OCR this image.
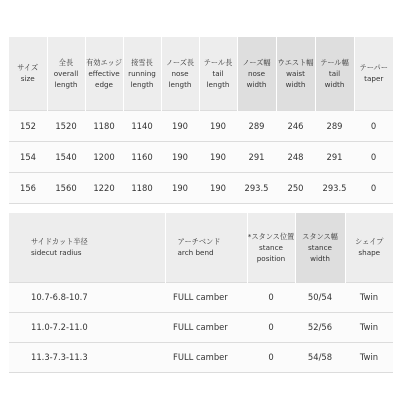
サイズ
size	全長
overall
length	有効エッジ
effective
edge	接雪長
running
length	ノーズ長
nose
length	テール長
tail
length	ノーズ幅
nose
width	ウエスト幅
waist
width	テール幅
tail
width	テーパー
taper

152	1520	1180	1140	190	190	289	246	289	0
154	1540	1200	1160	190	190	291	248	291	0
156	1560	1220	1180	190	190	293.5	250	293.5	0
サイドカット半径
sidecut radius	アーチベンド
arch bend	*スタンス位置
stance
position	スタンス幅
stance
width	シェイプ
shape

10.7-6.8-10.7	FULL camber	0	50/54	Twin
11.0-7.2-11.0	FULL camber	0	52/56	Twin
11.3-7.3-11.3	FULL camber	0	54/58	Twin
